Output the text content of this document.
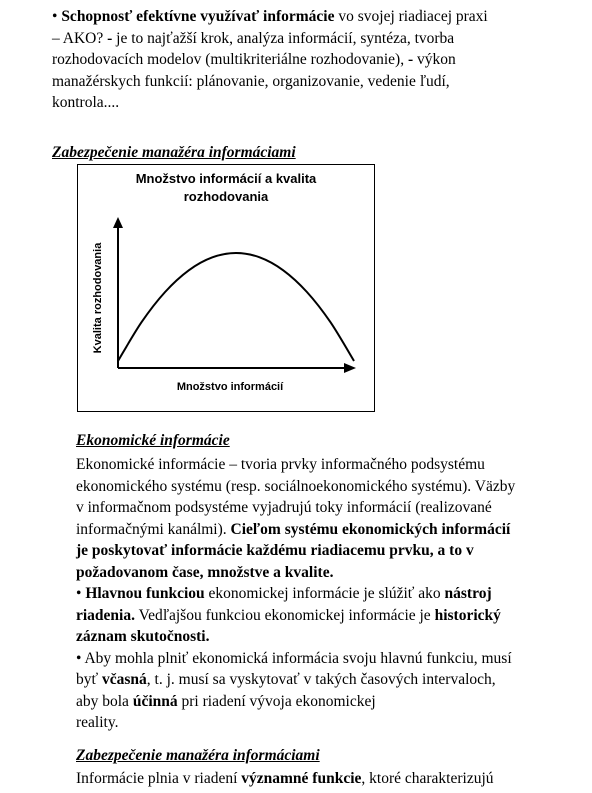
• Schopnosť efektívne využívať informácie vo svojej riadiacej praxi
– AKO? - je to najťažší krok, analýza informácií, syntéza, tvorba
rozhodovacích modelov (multikriteriálne rozhodovanie), - výkon
manažérskych funkcií: plánovanie, organizovanie, vedenie ľudí,
kontrola....
Zabezpečenie manažéra informáciami
Množstvo informácií a kvalita
rozhodovania
Kvalita rozhodovania
Množstvo informácií
Ekonomické informácie
Ekonomické informácie – tvoria prvky informačného podsystému
ekonomického systému (resp. sociálnoekonomického systému). Väzby
v informačnom podsystéme vyjadrujú toky informácií (realizované
informačnými kanálmi). Cieľom systému ekonomických informácií
je poskytovať informácie každému riadiacemu prvku, a to v
požadovanom čase, množstve a kvalite.
• Hlavnou funkciou ekonomickej informácie je slúžiť ako nástroj
riadenia. Vedľajšou funkciou ekonomickej informácie je historický
záznam skutočnosti.
• Aby mohla plniť ekonomická informácia svoju hlavnú funkciu, musí
byť včasná, t. j. musí sa vyskytovať v takých časových intervaloch,
aby bola účinná pri riadení vývoja ekonomickej
reality.
Zabezpečenie manažéra informáciami
Informácie plnia v riadení významné funkcie, ktoré charakterizujú
